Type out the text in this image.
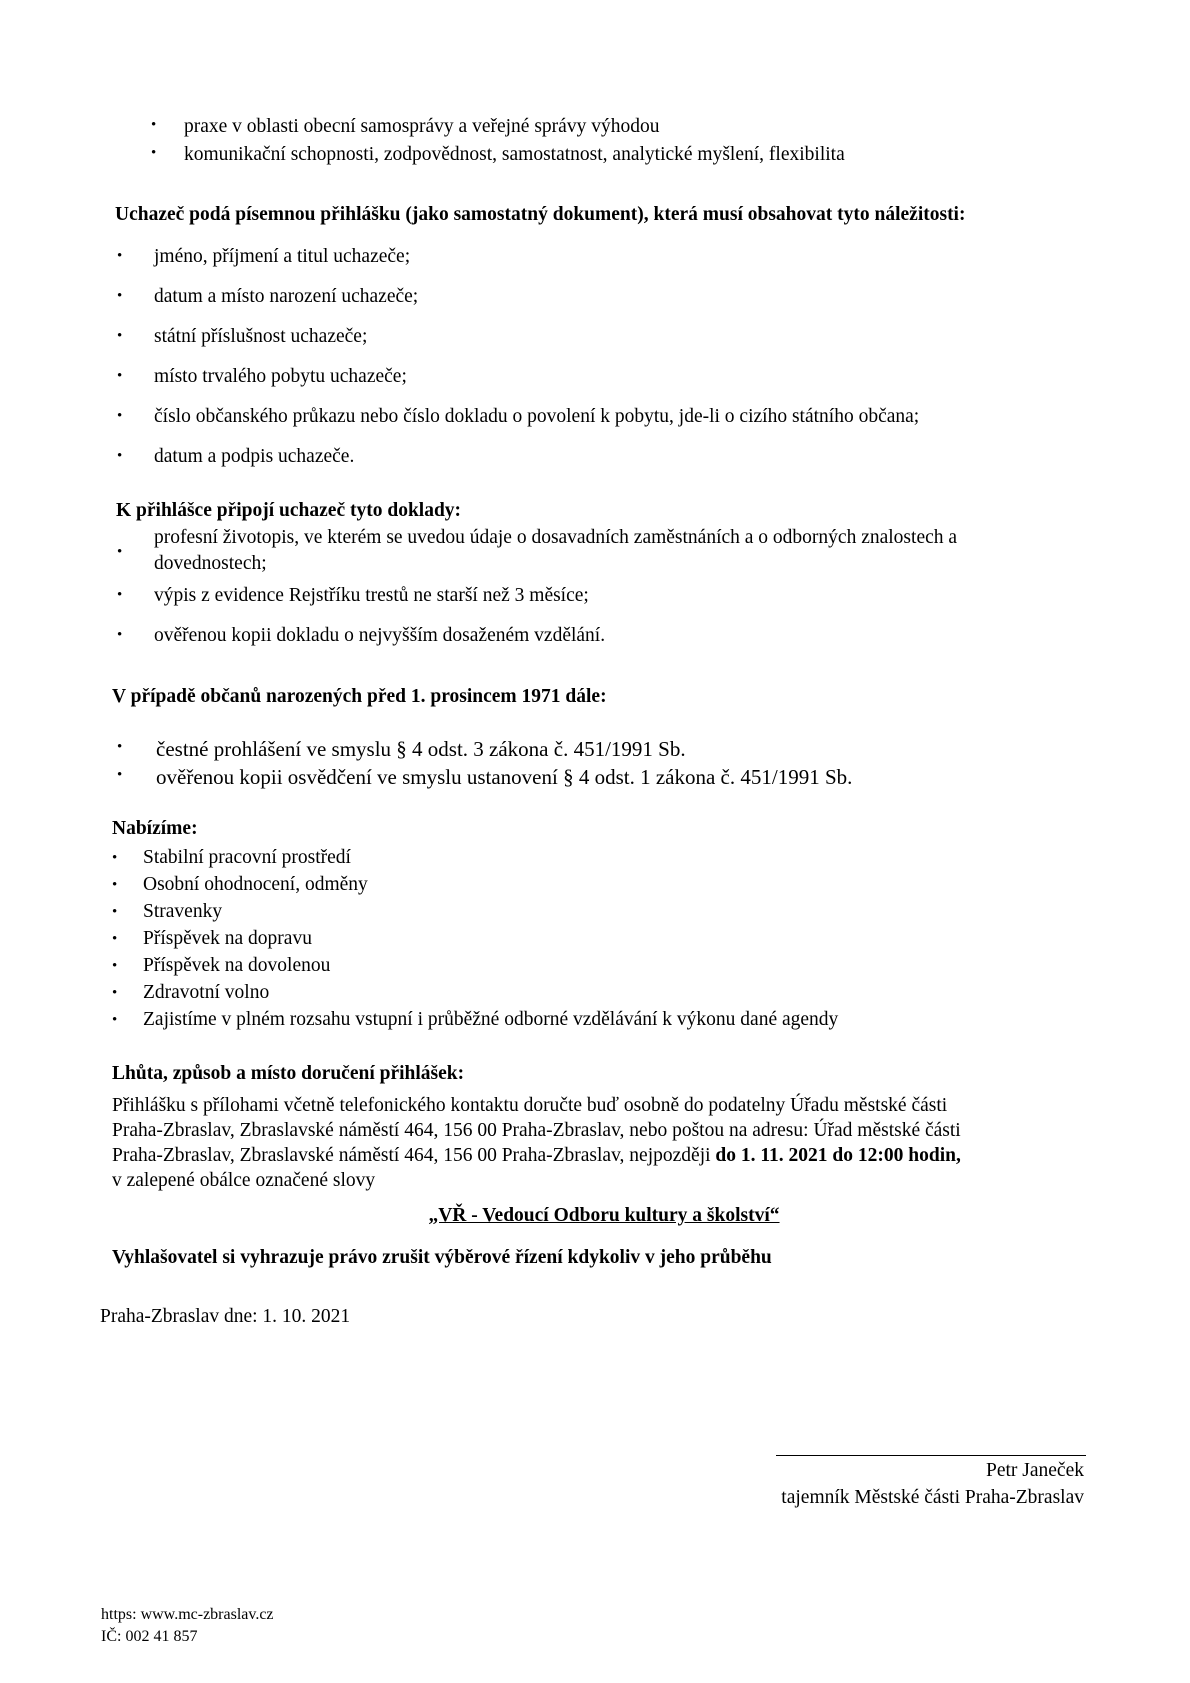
• praxe v oblasti obecní samosprávy a veřejné správy výhodou
• komunikační schopnosti, zodpovědnost, samostatnost, analytické myšlení, flexibilita

Uchazeč podá písemnou přihlášku (jako samostatný dokument), která musí obsahovat tyto náležitosti:

• jméno, příjmení a titul uchazeče;
• datum a místo narození uchazeče;
• státní příslušnost uchazeče;
• místo trvalého pobytu uchazeče;
• číslo občanského průkazu nebo číslo dokladu o povolení k pobytu, jde-li o cizího státního občana;
• datum a podpis uchazeče.

K přihlášce připojí uchazeč tyto doklady:

•
profesní životopis, ve kterém se uvedou údaje o dosavadních zaměstnáních a o odborných znalostech a
dovednostech;
• výpis z evidence Rejstříku trestů ne starší než 3 měsíce;
• ověřenou kopii dokladu o nejvyšším dosaženém vzdělání.

V případě občanů narozených před 1. prosincem 1971 dále:

• čestné prohlášení ve smyslu § 4 odst. 3 zákona č. 451/1991 Sb.
• ověřenou kopii osvědčení ve smyslu ustanovení § 4 odst. 1 zákona č. 451/1991 Sb.

Nabízíme:

• Stabilní pracovní prostředí
• Osobní ohodnocení, odměny
• Stravenky
• Příspěvek na dopravu
• Příspěvek na dovolenou
• Zdravotní volno
• Zajistíme v plném rozsahu vstupní i průběžné odborné vzdělávání k výkonu dané agendy

Lhůta, způsob a místo doručení přihlášek:

Přihlášku s přílohami včetně telefonického kontaktu doručte buď osobně do podatelny Úřadu městské části
Praha-Zbraslav, Zbraslavské náměstí 464, 156 00 Praha-Zbraslav, nebo poštou na adresu: Úřad městské části
Praha-Zbraslav, Zbraslavské náměstí 464, 156 00 Praha-Zbraslav, nejpozději do 1. 11. 2021 do 12:00 hodin,
v zalepené obálce označené slovy
„VŘ - Vedoucí Odboru kultury a školství“

Vyhlašovatel si vyhrazuje právo zrušit výběrové řízení kdykoliv v jeho průběhu

Praha-Zbraslav dne: 1. 10. 2021

Petr Janeček
tajemník Městské části Praha-Zbraslav
https: www.mc-zbraslav.cz
IČ: 002 41 857
